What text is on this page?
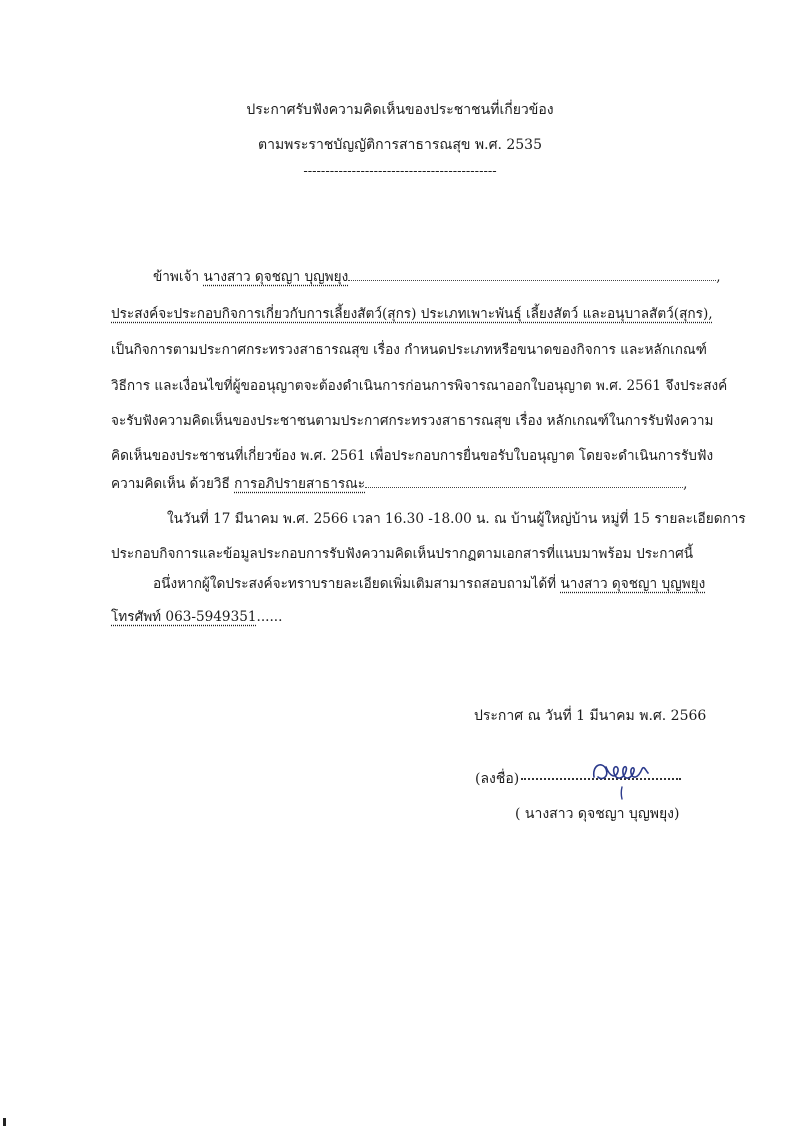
ประกาศรับฟังความคิดเห็นของประชาชนที่เกี่ยวข้อง
ตามพระราชบัญญัติการสาธารณสุข พ.ศ. 2535
--------------------------------------------
ข้าพเจ้า นางสาว ดุจชญา บุญพยุง	,
ประสงค์จะประกอบกิจการเกี่ยวกับการเลี้ยงสัตว์(สุกร) ประเภทเพาะพันธุ์ เลี้ยงสัตว์ และอนุบาลสัตว์(สุกร),
เป็นกิจการตามประกาศกระทรวงสาธารณสุข เรื่อง กำหนดประเภทหรือขนาดของกิจการ และหลักเกณฑ์
วิธีการ และเงื่อนไขที่ผู้ขออนุญาตจะต้องดำเนินการก่อนการพิจารณาออกใบอนุญาต พ.ศ. 2561 จึงประสงค์
จะรับฟังความคิดเห็นของประชาชนตามประกาศกระทรวงสาธารณสุข เรื่อง หลักเกณฑ์ในการรับฟังความ
คิดเห็นของประชาชนที่เกี่ยวข้อง พ.ศ. 2561 เพื่อประกอบการยื่นขอรับใบอนุญาต โดยจะดำเนินการรับฟัง
ความคิดเห็น ด้วยวิธี การอภิปรายสาธารณะ	,
ในวันที่ 17 มีนาคม พ.ศ. 2566 เวลา 16.30 -18.00 น. ณ บ้านผู้ใหญ่บ้าน หมู่ที่ 15 รายละเอียดการ
ประกอบกิจการและข้อมูลประกอบการรับฟังความคิดเห็นปรากฏตามเอกสารที่แนบมาพร้อม ประกาศนี้
อนึ่งหากผู้ใดประสงค์จะทราบรายละเอียดเพิ่มเติมสามารถสอบถามได้ที่ นางสาว ดุจชญา บุญพยุง
โทรศัพท์ 063-5949351......
ประกาศ ณ วันที่ 1 มีนาคม พ.ศ. 2566
(ลงชื่อ)
( นางสาว ดุจชญา บุญพยุง)
